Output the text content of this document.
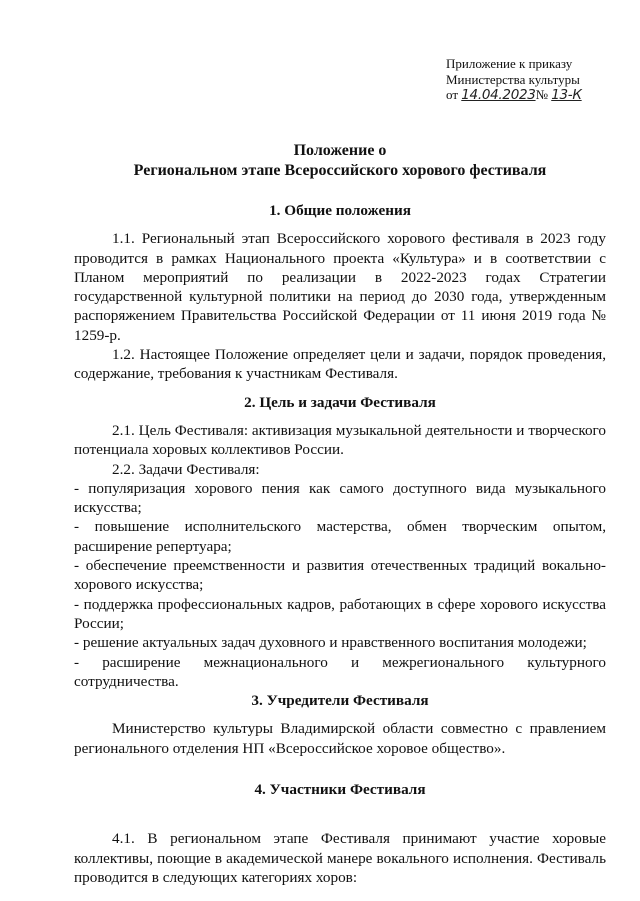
Приложение к приказу
Министерства культуры
от 14.04.2023№ 13-К
Положение о
Региональном этапе Всероссийского хорового фестиваля
1. Общие положения

1.1. Региональный этап Всероссийского хорового фестиваля в 2023 году проводится в рамках Национального проекта «Культура» и в соответствии с Планом мероприятий по реализации в 2022-2023 годах Стратегии государственной культурной политики на период до 2030 года, утвержденным распоряжением Правительства Российской Федерации от 11 июня 2019 года № 1259-р.

1.2. Настоящее Положение определяет цели и задачи, порядок проведения, содержание, требования к участникам Фестиваля.

2. Цель и задачи Фестиваля

2.1. Цель Фестиваля: активизация музыкальной деятельности и творческого потенциала хоровых коллективов России.

2.2. Задачи Фестиваля:

- популяризация хорового пения как самого доступного вида музыкального искусства;

- повышение исполнительского мастерства, обмен творческим опытом, расширение репертуара;

- обеспечение преемственности и развития отечественных традиций вокально-хорового искусства;

- поддержка профессиональных кадров, работающих в сфере хорового искусства России;

- решение актуальных задач духовного и нравственного воспитания молодежи;

- расширение межнационального и межрегионального культурного сотрудничества.

3. Учредители Фестиваля

Министерство культуры Владимирской области совместно с правлением регионального отделения НП «Всероссийское хоровое общество».

4. Участники Фестиваля

4.1. В региональном этапе Фестиваля принимают участие хоровые коллективы, поющие в академической манере вокального исполнения. Фестиваль проводится в следующих категориях хоров:
